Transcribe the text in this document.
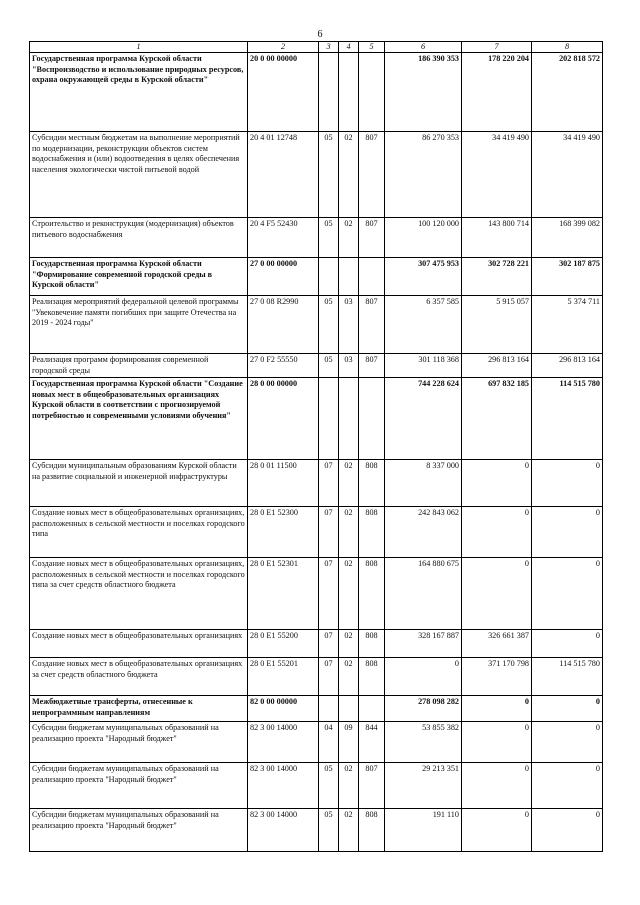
6
1	2	3	4	5	6	7	8
Государственная программа Курской области "Воспроизводство и использование природных ресурсов, охрана окружающей среды в Курской области"	20 0 00 00000				186 390 353	178 220 204	202 818 572
Субсидии местным бюджетам на выполнение мероприятий по модернизации, реконструкции объектов систем водоснабжения и (или) водоотведения в целях обеспечения населения экологически чистой питьевой водой	20 4 01 12748	05	02	807	86 270 353	34 419 490	34 419 490
Строительство и реконструкция (модернизация) объектов питьевого водоснабжения	20 4 F5 52430	05	02	807	100 120 000	143 800 714	168 399 082
Государственная программа Курской области "Формирование современной городской среды в Курской области"	27 0 00 00000				307 475 953	302 728 221	302 187 875
Реализация мероприятий федеральной целевой программы "Увековечение памяти погибших при защите Отечества на 2019 - 2024 годы"	27 0 08 R2990	05	03	807	6 357 585	5 915 057	5 374 711
Реализация программ формирования современной городской среды	27 0 F2 55550	05	03	807	301 118 368	296 813 164	296 813 164
Государственная программа Курской области "Создание новых мест в общеобразовательных организациях Курской области в соответствии с прогнозируемой потребностью и современными условиями обучения"	28 0 00 00000				744 228 624	697 832 185	114 515 780
Субсидии муниципальным образованиям Курской области на развитие социальной и инженерной инфраструктуры	28 0 01 11500	07	02	808	8 337 000	0	0
Создание новых мест в общеобразовательных организациях, расположенных в сельской местности и поселках городского типа	28 0 E1 52300	07	02	808	242 843 062	0	0
Создание новых мест в общеобразовательных организациях, расположенных в сельской местности и поселках городского типа за счет средств областного бюджета	28 0 E1 52301	07	02	808	164 880 675	0	0
Создание новых мест в общеобразовательных организациях	28 0 E1 55200	07	02	808	328 167 887	326 661 387	0
Создание новых мест в общеобразовательных организациях за счет средств областного бюджета	28 0 E1 55201	07	02	808	0	371 170 798	114 515 780
Межбюджетные трансферты, отнесенные к непрограммным направлениям	82 0 00 00000				278 098 282	0	0
Субсидии бюджетам муниципальных образований на реализацию проекта "Народный бюджет"	82 3 00 14000	04	09	844	53 855 382	0	0
Субсидии бюджетам муниципальных образований на реализацию проекта "Народный бюджет"	82 3 00 14000	05	02	807	29 213 351	0	0
Субсидии бюджетам муниципальных образований на реализацию проекта "Народный бюджет"	82 3 00 14000	05	02	808	191 110	0	0
